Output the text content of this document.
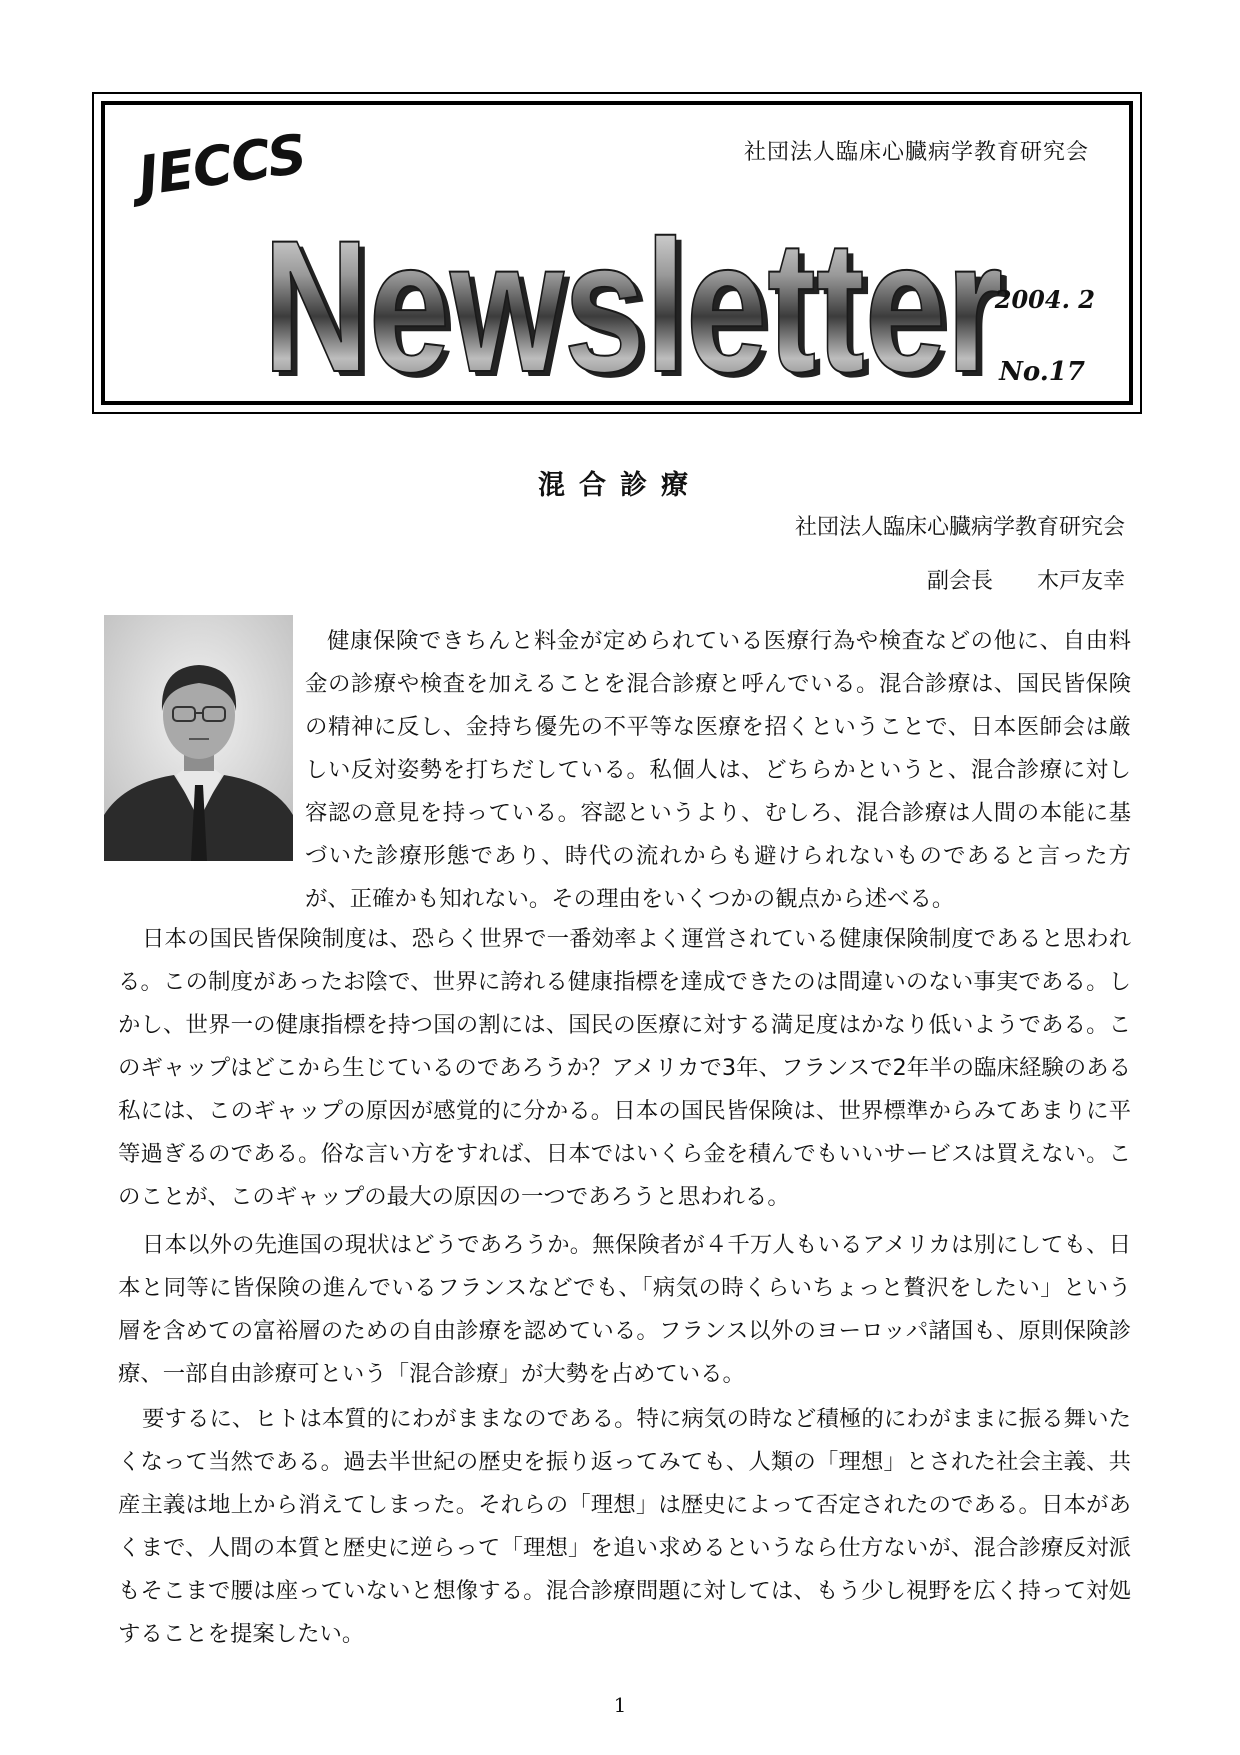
社団法人臨床心臓病学教育研究会
JECCS
Newsletter
Newsletter
2004. 2
No.17
混合診療
社団法人臨床心臓病学教育研究会
副会長　　木戸友幸

健康保険できちんと料金が定められている医療行為や検査などの他に、自由料金の診療や検査を加えることを混合診療と呼んでいる。混合診療は、国民皆保険の精神に反し、金持ち優先の不平等な医療を招くということで、日本医師会は厳しい反対姿勢を打ちだしている。私個人は、どちらかというと、混合診療に対し容認の意見を持っている。容認というより、むしろ、混合診療は人間の本能に基づいた診療形態であり、時代の流れからも避けられないものであると言った方が、正確かも知れない。その理由をいくつかの観点から述べる。

日本の国民皆保険制度は、恐らく世界で一番効率よく運営されている健康保険制度であると思われる。この制度があったお陰で、世界に誇れる健康指標を達成できたのは間違いのない事実である。しかし、世界一の健康指標を持つ国の割には、国民の医療に対する満足度はかなり低いようである。このギャップはどこから生じているのであろうか？アメリカで3年、フランスで2年半の臨床経験のある私には、このギャップの原因が感覚的に分かる。日本の国民皆保険は、世界標準からみてあまりに平等過ぎるのである。俗な言い方をすれば、日本ではいくら金を積んでもいいサービスは買えない。このことが、このギャップの最大の原因の一つであろうと思われる。

日本以外の先進国の現状はどうであろうか。無保険者が４千万人もいるアメリカは別にしても、日本と同等に皆保険の進んでいるフランスなどでも、「病気の時くらいちょっと贅沢をしたい」という層を含めての富裕層のための自由診療を認めている。フランス以外のヨーロッパ諸国も、原則保険診療、一部自由診療可という「混合診療」が大勢を占めている。

要するに、ヒトは本質的にわがままなのである。特に病気の時など積極的にわがままに振る舞いたくなって当然である。過去半世紀の歴史を振り返ってみても、人類の「理想」とされた社会主義、共産主義は地上から消えてしまった。それらの「理想」は歴史によって否定されたのである。日本があくまで、人間の本質と歴史に逆らって「理想」を追い求めるというなら仕方ないが、混合診療反対派もそこまで腰は座っていないと想像する。混合診療問題に対しては、もう少し視野を広く持って対処することを提案したい。

1
